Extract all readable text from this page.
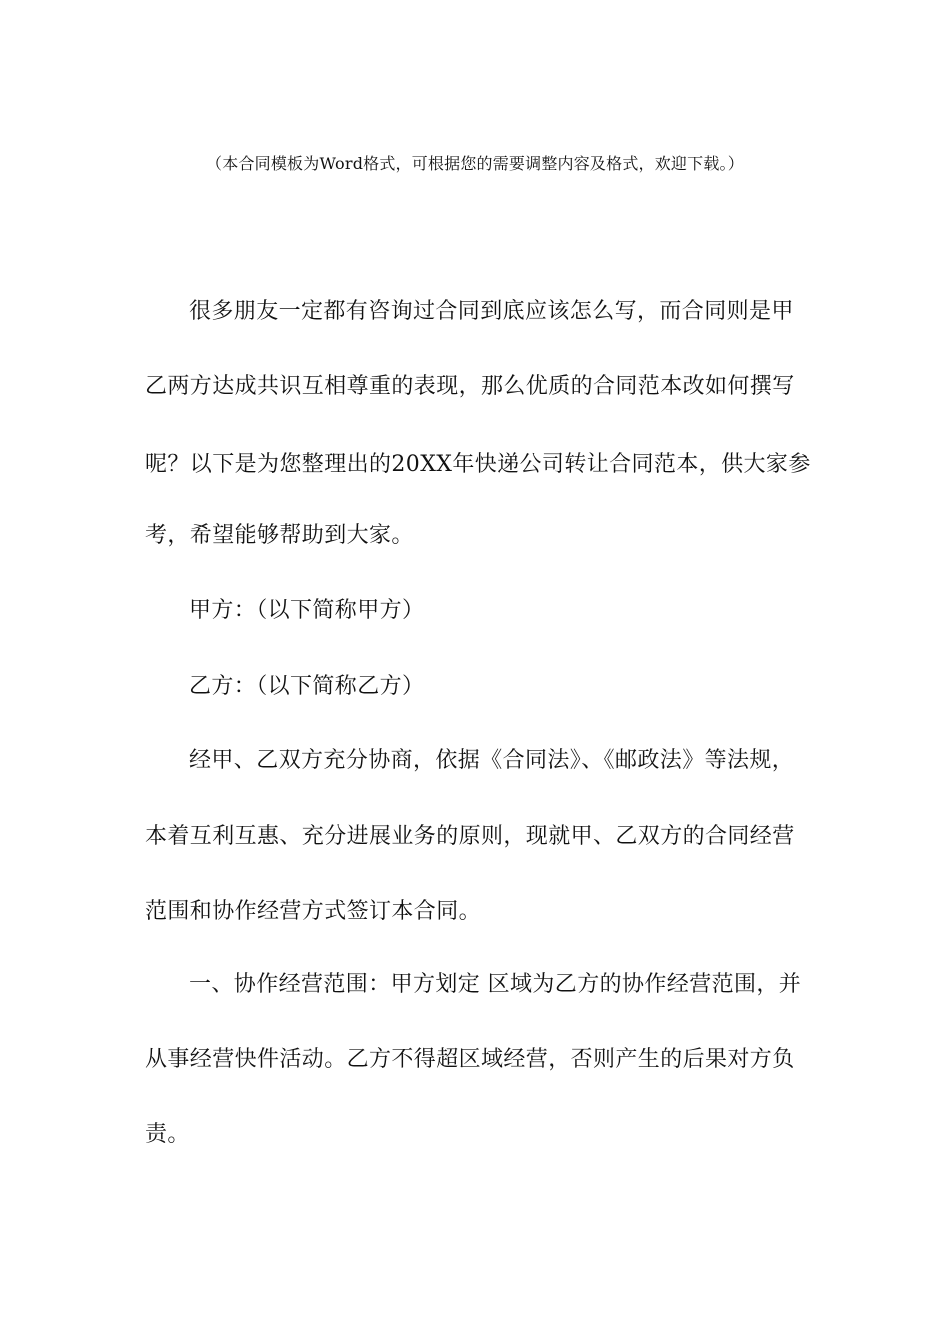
（本合同模板为Word格式，可根据您的需要调整内容及格式，欢迎下载。）
很多朋友一定都有咨询过合同到底应该怎么写，而合同则是甲
乙两方达成共识互相尊重的表现，那么优质的合同范本改如何撰写
呢？以下是为您整理出的20XX年快递公司转让合同范本，供大家参
考，希望能够帮助到大家。
甲方：（以下简称甲方）
乙方：（以下简称乙方）
经甲、乙双方充分协商，依据《合同法》、《邮政法》等法规，
本着互利互惠、充分进展业务的原则，现就甲、乙双方的合同经营
范围和协作经营方式签订本合同。
一、协作经营范围：甲方划定 区域为乙方的协作经营范围，并
从事经营快件活动。乙方不得超区域经营，否则产生的后果对方负
责。
